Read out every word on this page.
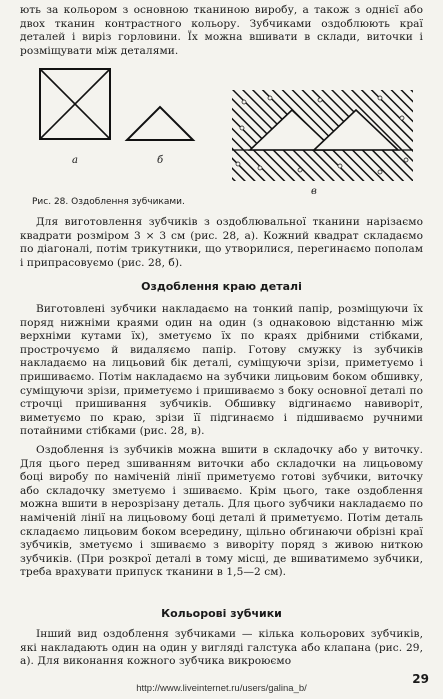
ють за кольором з основною тканиною виробу, а також з однієї або двох тканин контрастного кольору. Зубчиками оздоблюють краї деталей і виріз горловини. Їх можна вшивати в склади, виточки і розміщувати між деталями.

а	б

в

Рис. 28. Оздоблення зубчиками.

Для виготовлення зубчиків з оздоблювальної тканини нарізаємо квадрати розміром 3 × 3 см (рис. 28, а). Кожний квадрат складаємо по діагоналі, потім трикутники, що утворилися, перегинаємо пополам і припрасовуємо (рис. 28, б).

Оздоблення краю деталі

Виготовлені зубчики накладаємо на тонкий папір, розміщуючи їх поряд нижніми краями один на один (з однаковою відстанню між верхніми кутами їх), зметуємо їх по краях дрібними стібками, прострочуємо й видаляємо папір. Готову смужку із зубчиків накладаємо на лицьовий бік деталі, суміщуючи зрізи, приметуємо і пришиваємо. Потім накладаємо на зубчики лицьовим боком обшивку, суміщуючи зрізи, приметуємо і пришиваємо з боку основної деталі по строчці пришивання зубчиків. Обшивку відгинаємо навиворіт, виметуємо по краю, зрізи її підгинаємо і підшиваємо ручними потайними стібками (рис. 28, в).

Оздоблення із зубчиків можна вшити в складочку або у виточку. Для цього перед зшиванням виточки або складочки на лицьовому боці виробу по наміченій лінії приметуємо готові зубчики, виточку або складочку зметуємо і зшиваємо. Крім цього, таке оздоблення можна вшити в нерозрізану деталь. Для цього зубчики накладаємо по наміченій лінії на лицьовому боці деталі й приметуємо. Потім деталь складаємо лицьовим боком всередину, щільно обгинаючи обрізні краї зубчиків, зметуємо і зшиваємо з виворіту поряд з живою ниткою зубчиків. (При розкрої деталі в тому місці, де вшиватимемо зубчики, треба врахувати припуск тканини в 1,5—2 см).

Кольорові зубчики

Інший вид оздоблення зубчиками — кілька кольорових зубчиків, які накладають один на один у вигляді галстука або клапана (рис. 29, а). Для виконання кожного зубчика викроюємо

29

http://www.liveinternet.ru/users/galina_b/
